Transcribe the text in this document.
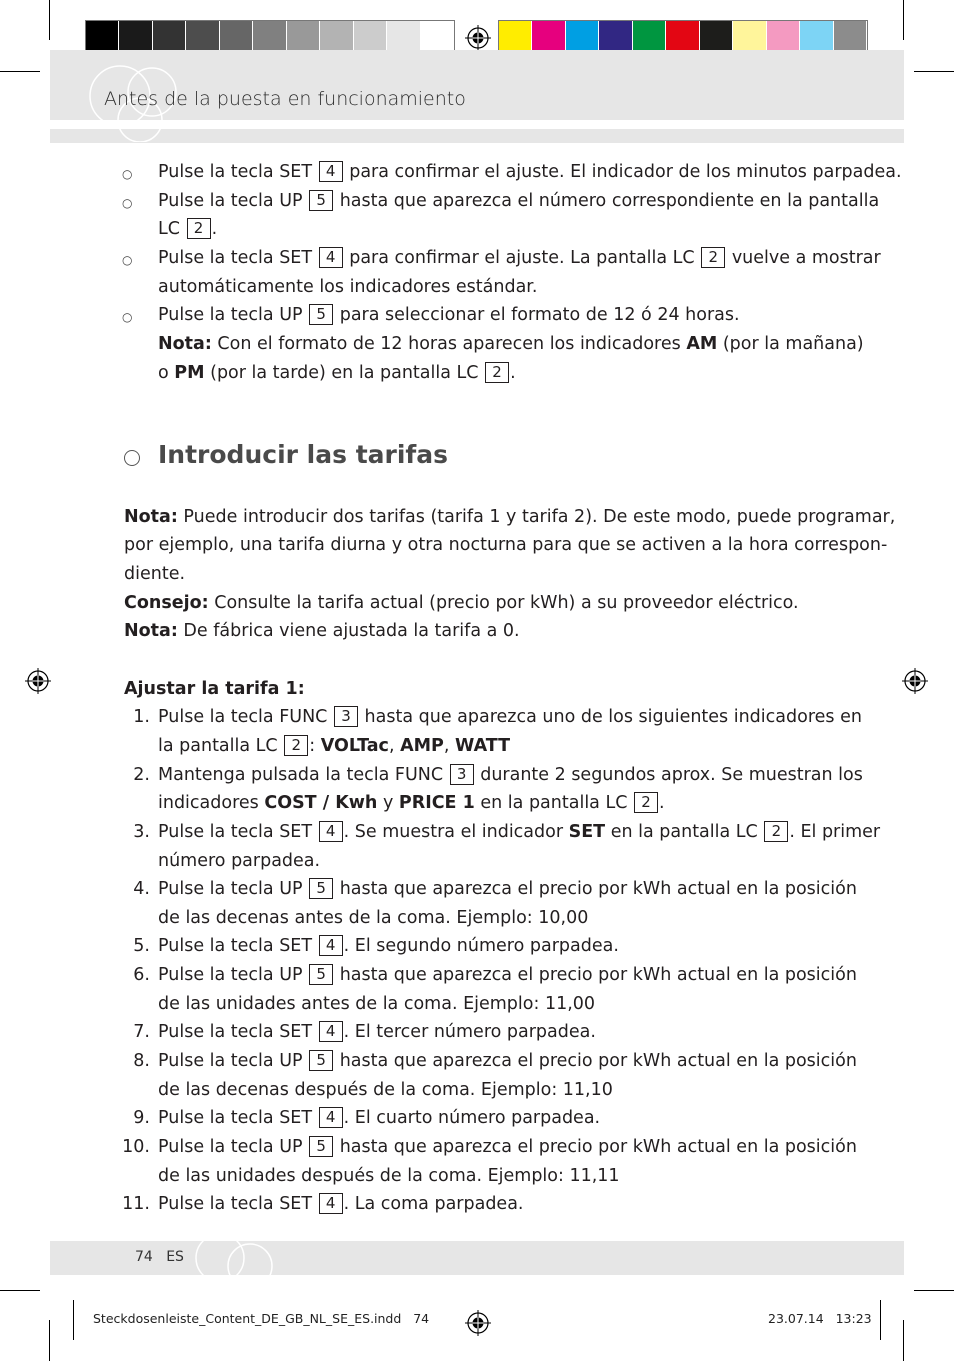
Antes de la puesta en funcionamiento
○ Pulse la tecla SET 4 para confirmar el ajuste. El indicador de los minutos parpadea.
○ Pulse la tecla UP 5 hasta que aparezca el número correspondiente en la pantalla
LC 2 .
○ Pulse la tecla SET 4 para confirmar el ajuste. La pantalla LC 2 vuelve a mostrar
automáticamente los indicadores estándar.
○ Pulse la tecla UP 5 para seleccionar el formato de 12 ó 24 horas.
Nota: Con el formato de 12 horas aparecen los indicadores AM (por la mañana)
o PM (por la tarde) en la pantalla LC 2 .
Introducir las tarifas
Nota: Puede introducir dos tarifas (tarifa 1 y tarifa 2). De este modo, puede programar,
por ejemplo, una tarifa diurna y otra nocturna para que se activen a la hora correspon-
diente.
Consejo: Consulte la tarifa actual (precio por kWh) a su proveedor eléctrico.
Nota: De fábrica viene ajustada la tarifa a 0.
Ajustar la tarifa 1:
1. Pulse la tecla FUNC 3 hasta que aparezca uno de los siguientes indicadores en
la pantalla LC 2 : VOLTac, AMP, WATT
2. Mantenga pulsada la tecla FUNC 3 durante 2 segundos aprox. Se muestran los
indicadores COST / Kwh y PRICE 1 en la pantalla LC 2 .
3. Pulse la tecla SET 4 . Se muestra el indicador SET en la pantalla LC 2 . El primer
número parpadea.
4. Pulse la tecla UP 5 hasta que aparezca el precio por kWh actual en la posición
de las decenas antes de la coma. Ejemplo: 10,00
5. Pulse la tecla SET 4 . El segundo número parpadea.
6. Pulse la tecla UP 5 hasta que aparezca el precio por kWh actual en la posición
de las unidades antes de la coma. Ejemplo: 11,00
7. Pulse la tecla SET 4 . El tercer número parpadea.
8. Pulse la tecla UP 5 hasta que aparezca el precio por kWh actual en la posición
de las decenas después de la coma. Ejemplo: 11,10
9. Pulse la tecla SET 4 . El cuarto número parpadea.
10. Pulse la tecla UP 5 hasta que aparezca el precio por kWh actual en la posición
de las unidades después de la coma. Ejemplo: 11,11
11. Pulse la tecla SET 4 . La coma parpadea.
74 ES
Steckdosenleiste_Content_DE_GB_NL_SE_ES.indd 74	23.07.14 13:23
